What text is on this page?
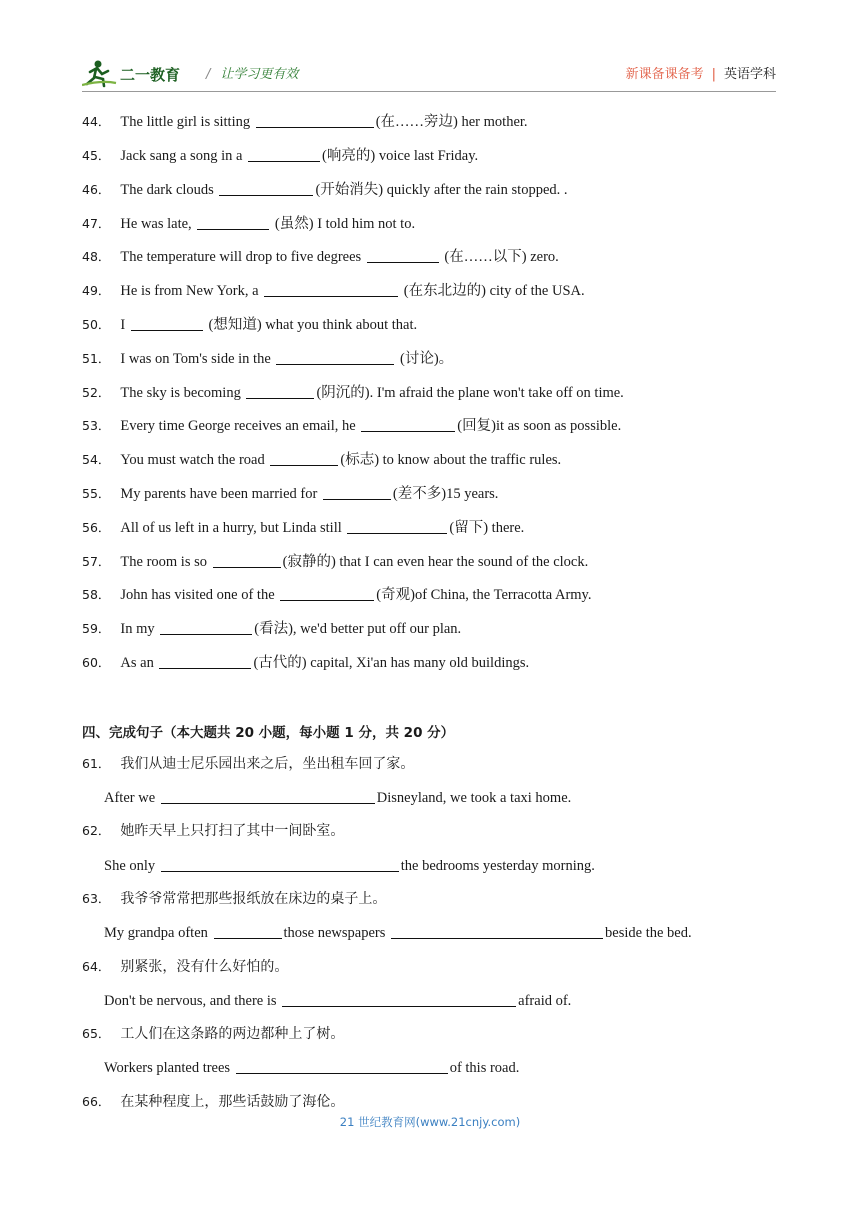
二一教育 / 让学习更有效	新课备课备考 | 英语学科
44． The little girl is sitting	(在……旁边) her mother.
45． Jack sang a song in a	(响亮的) voice last Friday.
46． The dark clouds	(开始消失) quickly after the rain stopped. .
47． He was late,	(虽然) I told him not to.
48． The temperature will drop to five degrees	(在……以下) zero.
49． He is from New York, a	(在东北边的) city of the USA.
50． I	(想知道) what you think about that.
51． I was on Tom's side in the	(讨论)。
52． The sky is becoming	(阴沉的). I'm afraid the plane won't take off on time.
53． Every time George receives an email, he	(回复)it as soon as possible.
54． You must watch the road	(标志) to know about the traffic rules.
55． My parents have been married for	(差不多)15 years.
56． All of us left in a hurry, but Linda still	(留下) there.
57． The room is so	(寂静的) that I can even hear the sound of the clock.
58． John has visited one of the	(奇观)of China, the Terracotta Army.
59． In my	(看法), we'd better put off our plan.
60． As an	(古代的) capital, Xi'an has many old buildings.
四、完成句子（本大题共 20 小题，每小题 1 分，共 20 分）
61． 我们从迪士尼乐园出来之后，坐出租车回了家。
After we	Disneyland, we took a taxi home.
62． 她昨天早上只打扫了其中一间卧室。
She only	the bedrooms yesterday morning.
63． 我爷爷常常把那些报纸放在床边的桌子上。
My grandpa often	those newspapers	beside the bed.
64． 别紧张，没有什么好怕的。
Don't be nervous, and there is	afraid of.
65． 工人们在这条路的两边都种上了树。
Workers planted trees	of this road.
66． 在某种程度上，那些话鼓励了海伦。
21 世纪教育网(www.21cnjy.com)
